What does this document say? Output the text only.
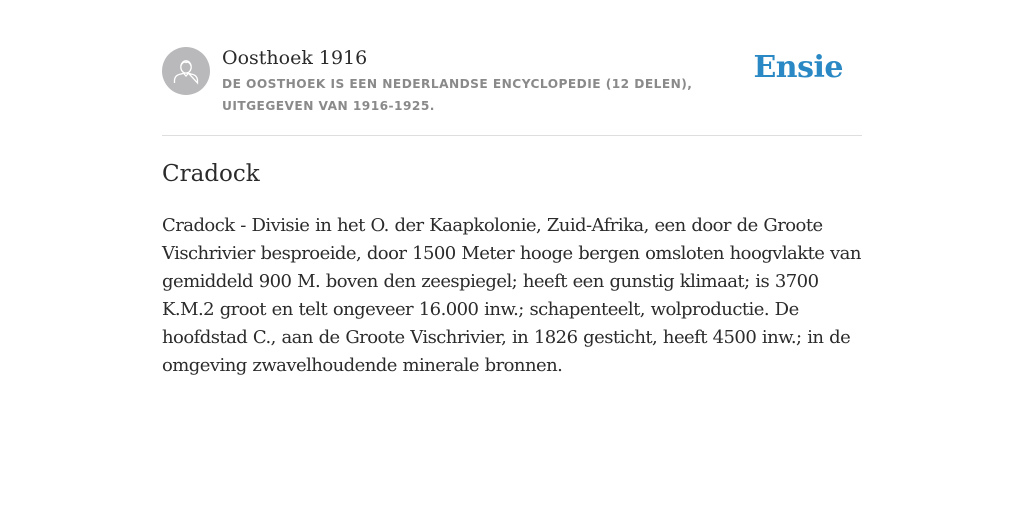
Oosthoek 1916

DE OOSTHOEK IS EEN NEDERLANDSE ENCYCLOPEDIE (12 DELEN), UITGEGEVEN VAN 1916-1925.
Ensie
Cradock

Cradock - Divisie in het O. der Kaapkolonie, Zuid-Afrika, een door de Groote Vischrivier besproeide, door 1500 Meter hooge bergen omsloten hoogvlakte van gemiddeld 900 M. boven den zeespiegel; heeft een gunstig klimaat; is 3700 K.M.2 groot en telt ongeveer 16.000 inw.; schapenteelt, wolproductie. De hoofdstad C., aan de Groote Vischrivier, in 1826 gesticht, heeft 4500 inw.; in de omgeving zwavelhoudende minerale bronnen.
